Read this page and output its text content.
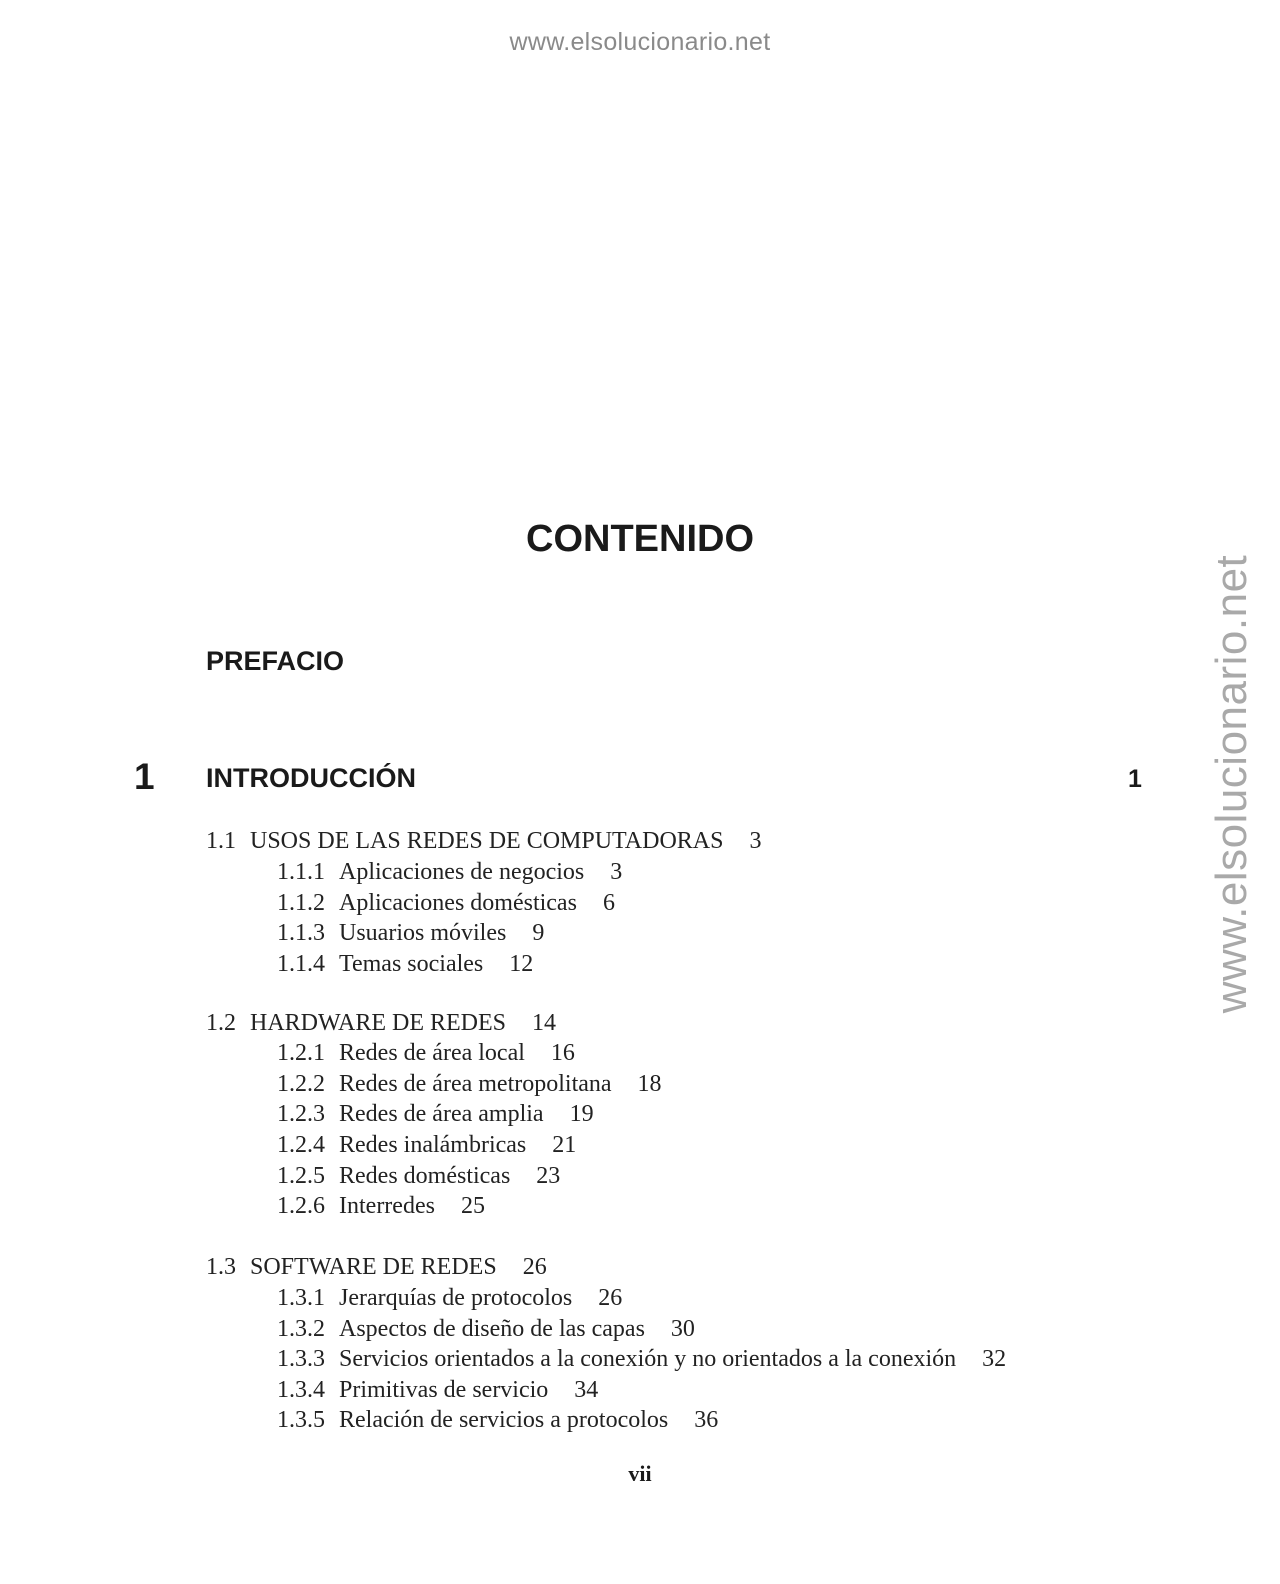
www.elsolucionario.net
www.elsolucionario.net
CONTENIDO
PREFACIO
1 INTRODUCCIÓN	1
1.1 USOS DE LAS REDES DE COMPUTADORAS 3
1.1.1 Aplicaciones de negocios 3
1.1.2 Aplicaciones domésticas 6
1.1.3 Usuarios móviles 9
1.1.4 Temas sociales 12
1.2 HARDWARE DE REDES 14
1.2.1 Redes de área local 16
1.2.2 Redes de área metropolitana 18
1.2.3 Redes de área amplia 19
1.2.4 Redes inalámbricas 21
1.2.5 Redes domésticas 23
1.2.6 Interredes 25
1.3 SOFTWARE DE REDES 26
1.3.1 Jerarquías de protocolos 26
1.3.2 Aspectos de diseño de las capas 30
1.3.3 Servicios orientados a la conexión y no orientados a la conexión 32
1.3.4 Primitivas de servicio 34
1.3.5 Relación de servicios a protocolos 36
vii
